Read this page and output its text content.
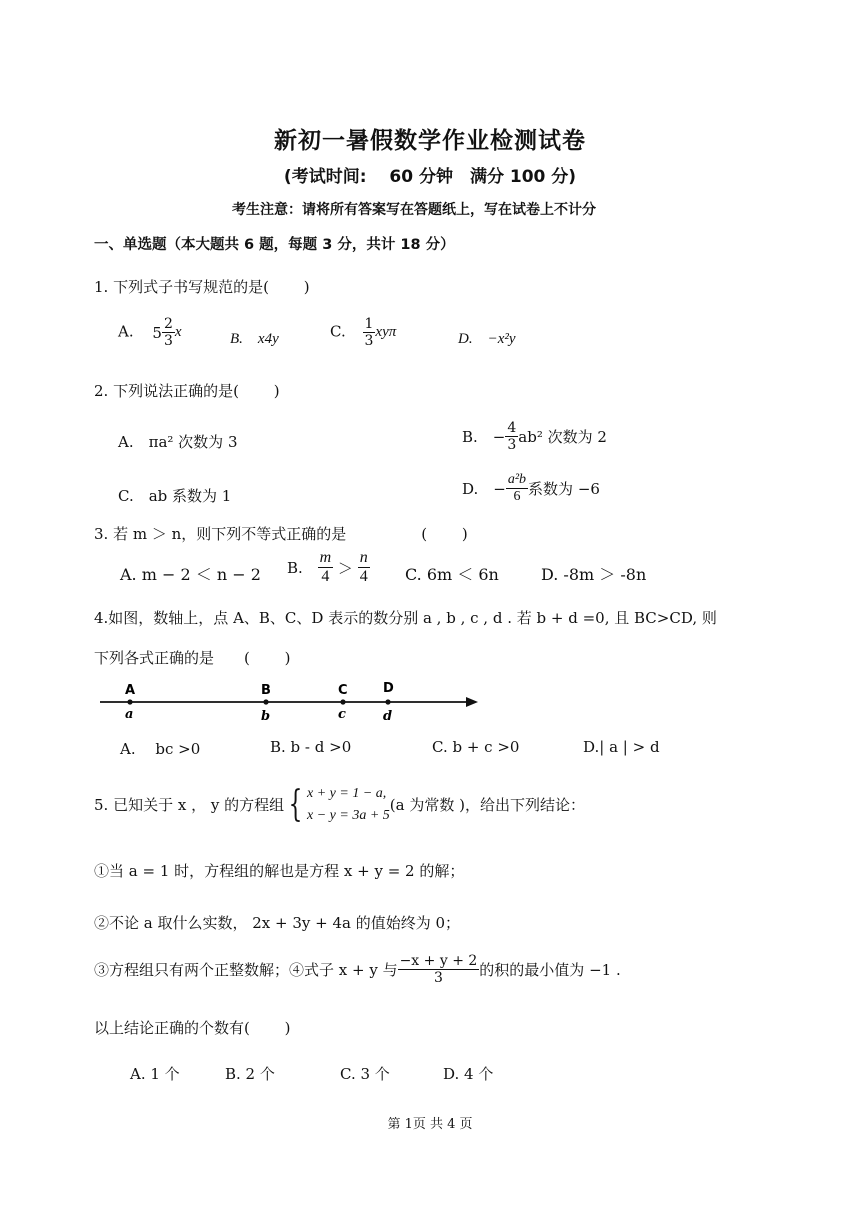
新初一暑假数学作业检测试卷
(考试时间:　 60 分钟　满分 100 分)
考生注意：请将所有答案写在答题纸上，写在试卷上不计分
一、单选题（本大题共 6 题，每题 3 分，共计 18 分）
1. 下列式子书写规范的是(　　 )
A. $5 \frac{2}{3}$ x	B.　x4y	C. $\frac{1}{3}$ xyπ	D.　−x²y
2. 下列说法正确的是(　　 )
A.　πa² 次数为 3	B.　− $\frac{4}{3} ab^2$ 次数为 2
C.　ab 系数为 1	D.　− $\frac{\text{a²b}}{6}$ 系数为 −6
3. 若 m ＞ n，则下列不等式正确的是　　　　　(　　 )
A. m − 2 ＜ n − 2 B. $\frac{m}{4} > \frac{n}{4} C$. 6m ＜ 6n	D. -8m ＞ -8n
4.如图，数轴上，点 A、B、C、D 表示的数分别 a , b , c , d . 若 b + d =0, 且 BC>CD, 则
下列各式正确的是　　(　　 )
A
a
B
b
C
c
D
d
A.　 bc >0	B. b - d >0	C. b + c >0	D.| a | > d
5. 已知关于 x ， y 的方程组 { x + y = 1 − a,
x − y = 3a + 5
(a 为常数 )，给出下列结论：
①当 a = 1 时，方程组的解也是方程 x + y = 2 的解；
②不论 a 取什么实数， 2x + 3y + 4a 的值始终为 0；
③方程组只有两个正整数解；④式子 x + y 与 $\frac{-x + y + 2}{3}$ 的积的最小值为 −1 .
以上结论正确的个数有(　　 )
A. 1 个	B. 2 个	C. 3 个	D. 4 个
第 1页 共 4 页
